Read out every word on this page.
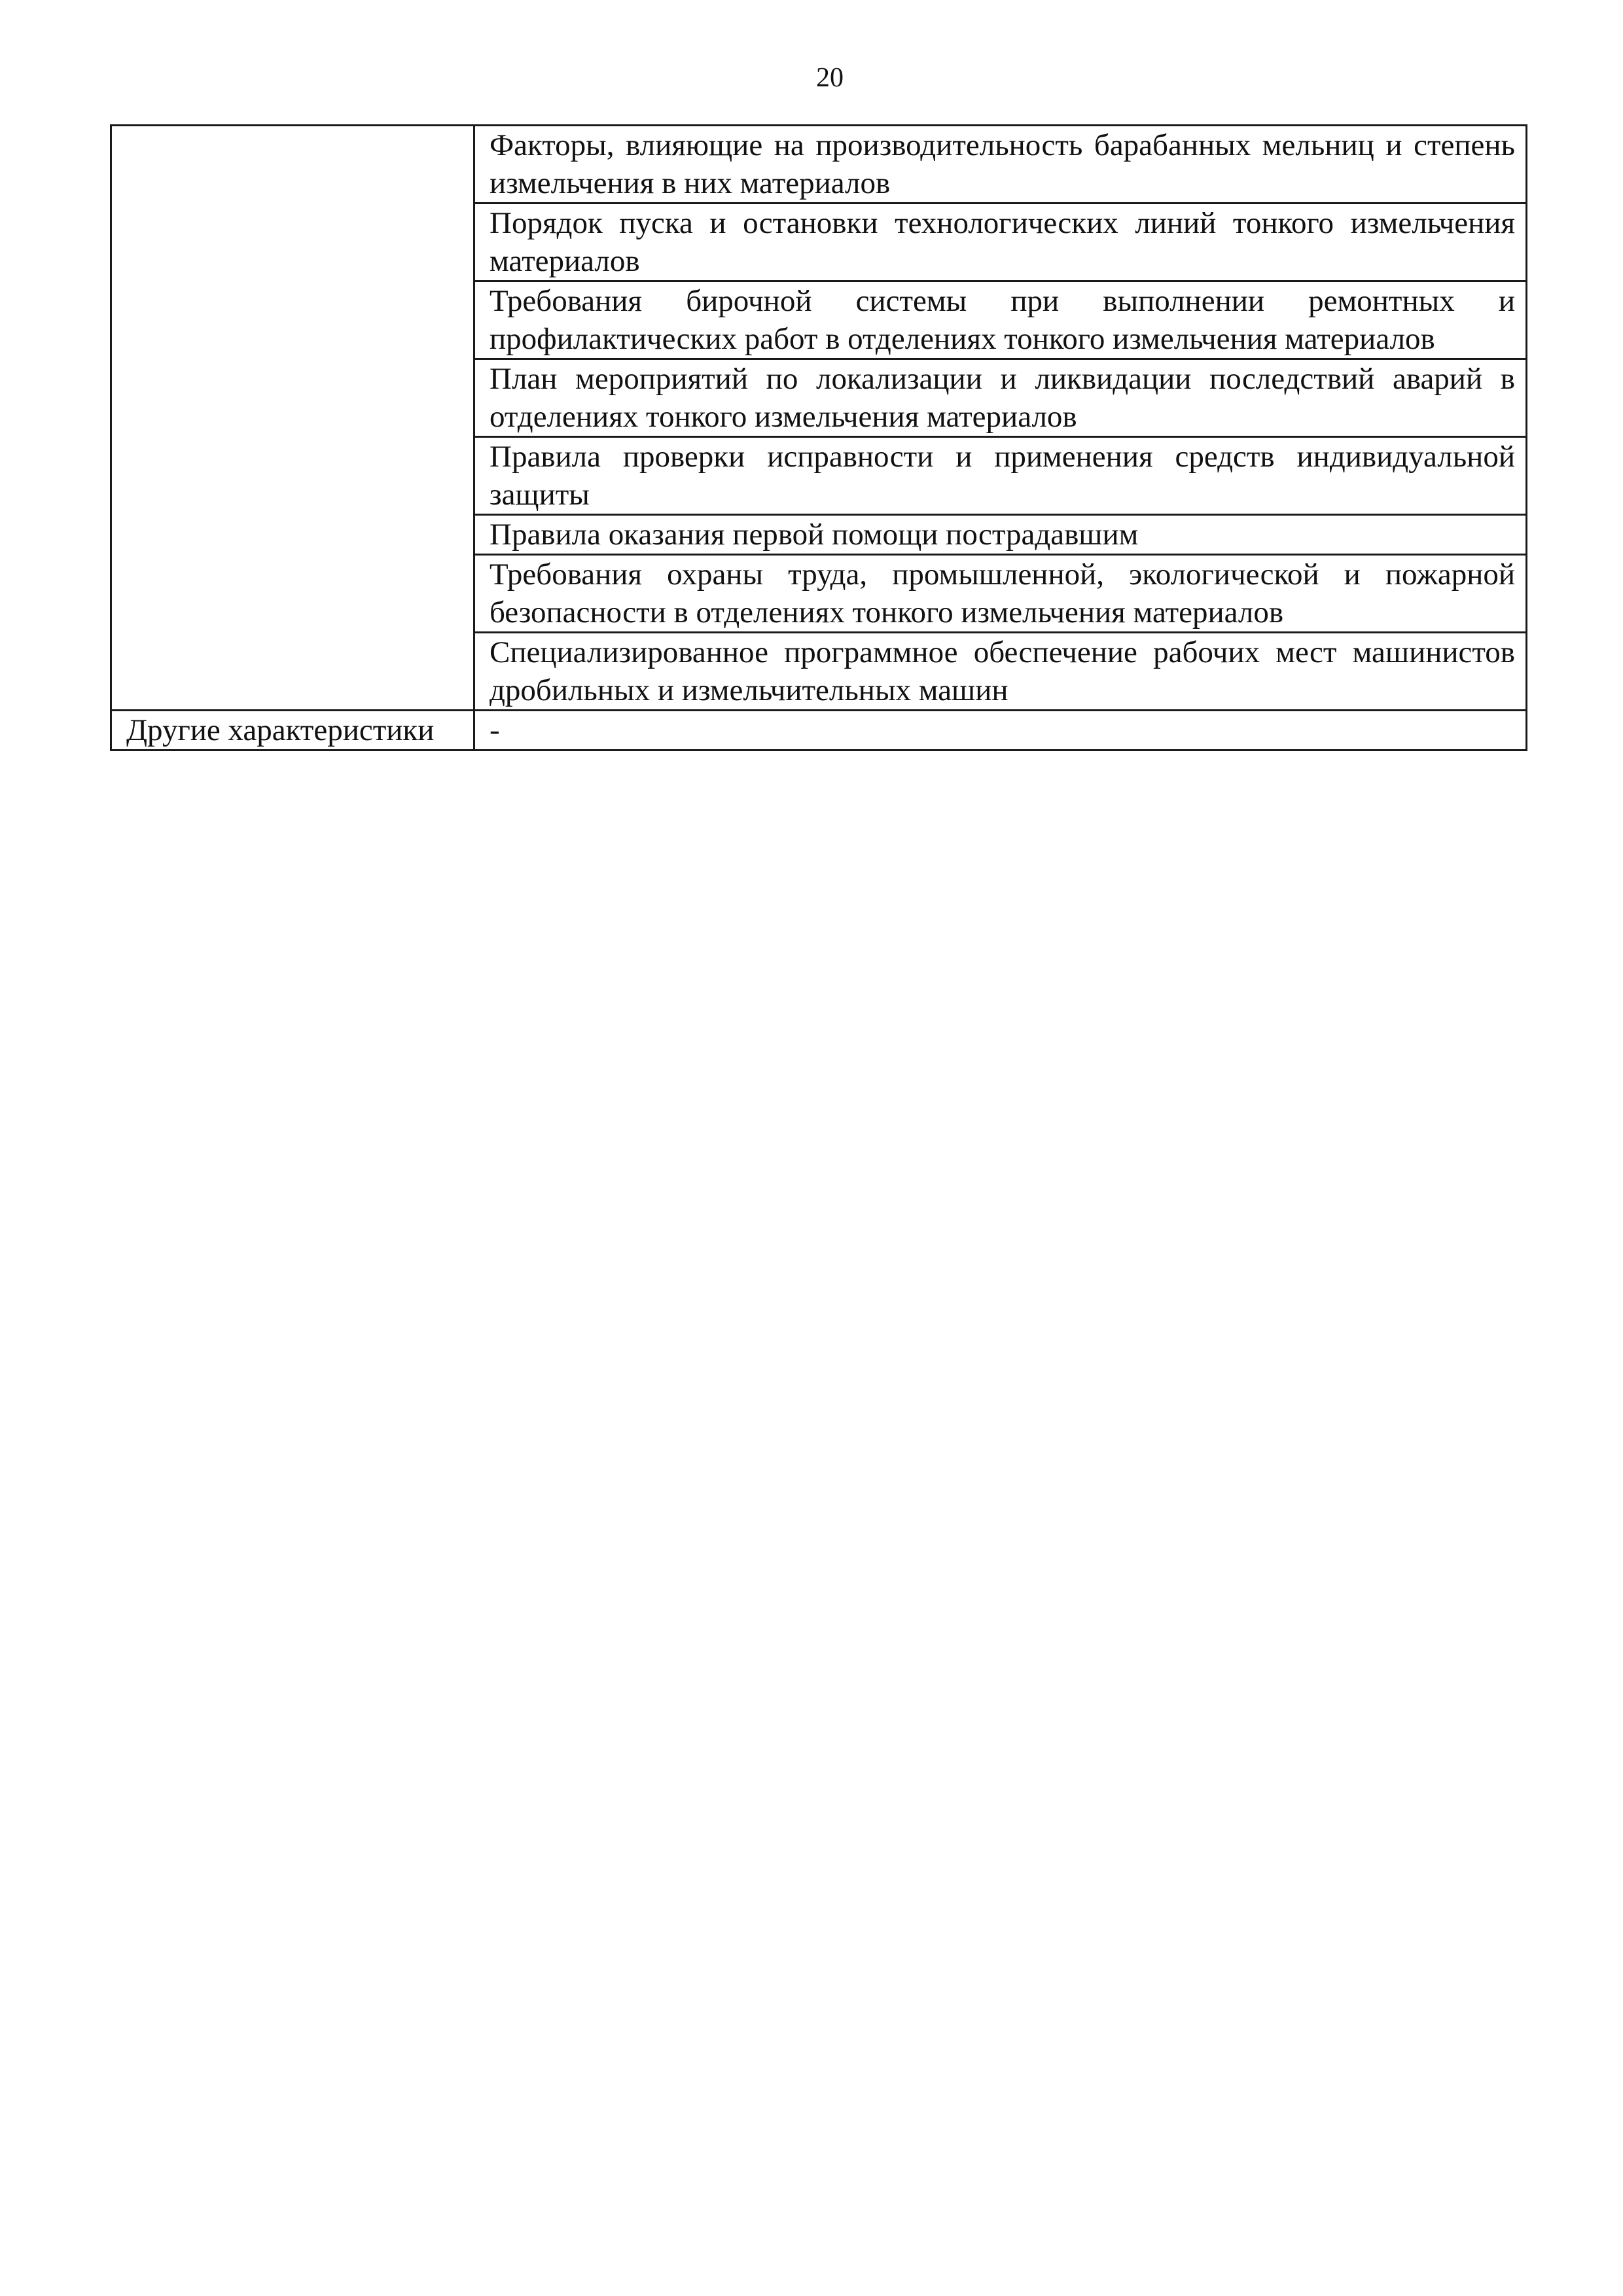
20
	Факторы, влияющие на производительность барабанных мельниц и степень измельчения в них материалов
	Порядок пуска и остановки технологических линий тонкого измельчения материалов
	Требования бирочной системы при выполнении ремонтных и профилактических работ в отделениях тонкого измельчения материалов
	План мероприятий по локализации и ликвидации последствий аварий в отделениях тонкого измельчения материалов
	Правила проверки исправности и применения средств индивидуальной защиты
	Правила оказания первой помощи пострадавшим
	Требования охраны труда, промышленной, экологической и пожарной безопасности в отделениях тонкого измельчения материалов
	Специализированное программное обеспечение рабочих мест машинистов дробильных и измельчительных машин
Другие характеристики	-
